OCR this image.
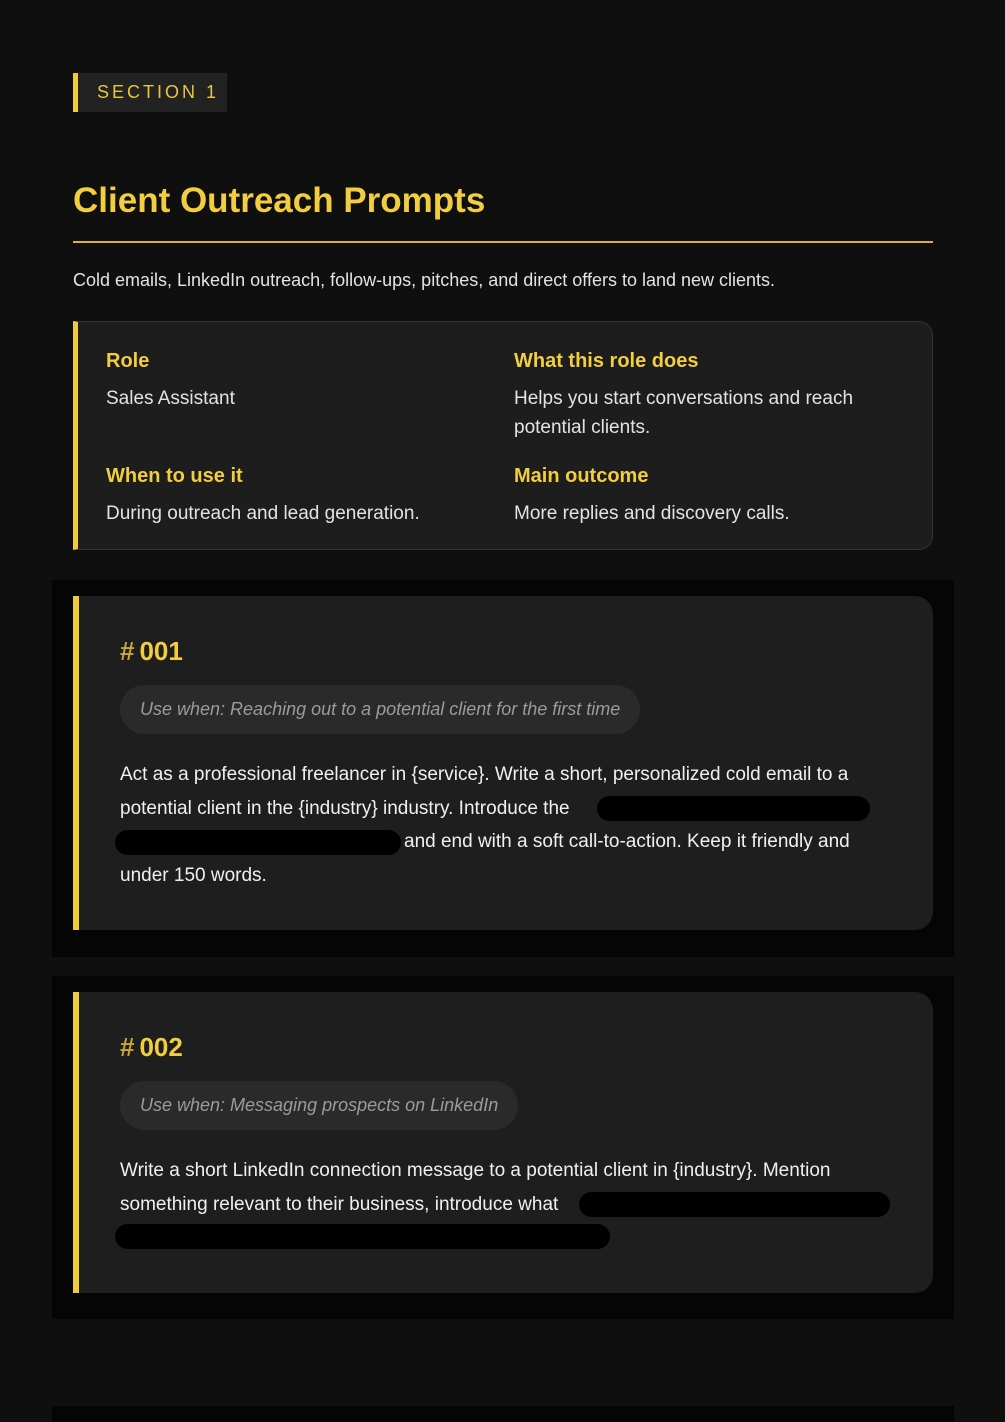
SECTION 1
Client Outreach Prompts

Cold emails, LinkedIn outreach, follow-ups, pitches, and direct offers to land new clients.

Role
Sales Assistant
What this role does
Helps you start conversations and reach potential clients.
When to use it
During outreach and lead generation.
Main outcome
More replies and discovery calls.
# 001
Use when: Reaching out to a potential client for the first time
Act as a professional freelancer in {service}. Write a short, personalized cold email to a
potential client in the {industry} industry. Introduce the
and end with a soft call-to-action. Keep it friendly and
under 150 words.
# 002
Use when: Messaging prospects on LinkedIn
Write a short LinkedIn connection message to a potential client in {industry}. Mention
something relevant to their business, introduce what
